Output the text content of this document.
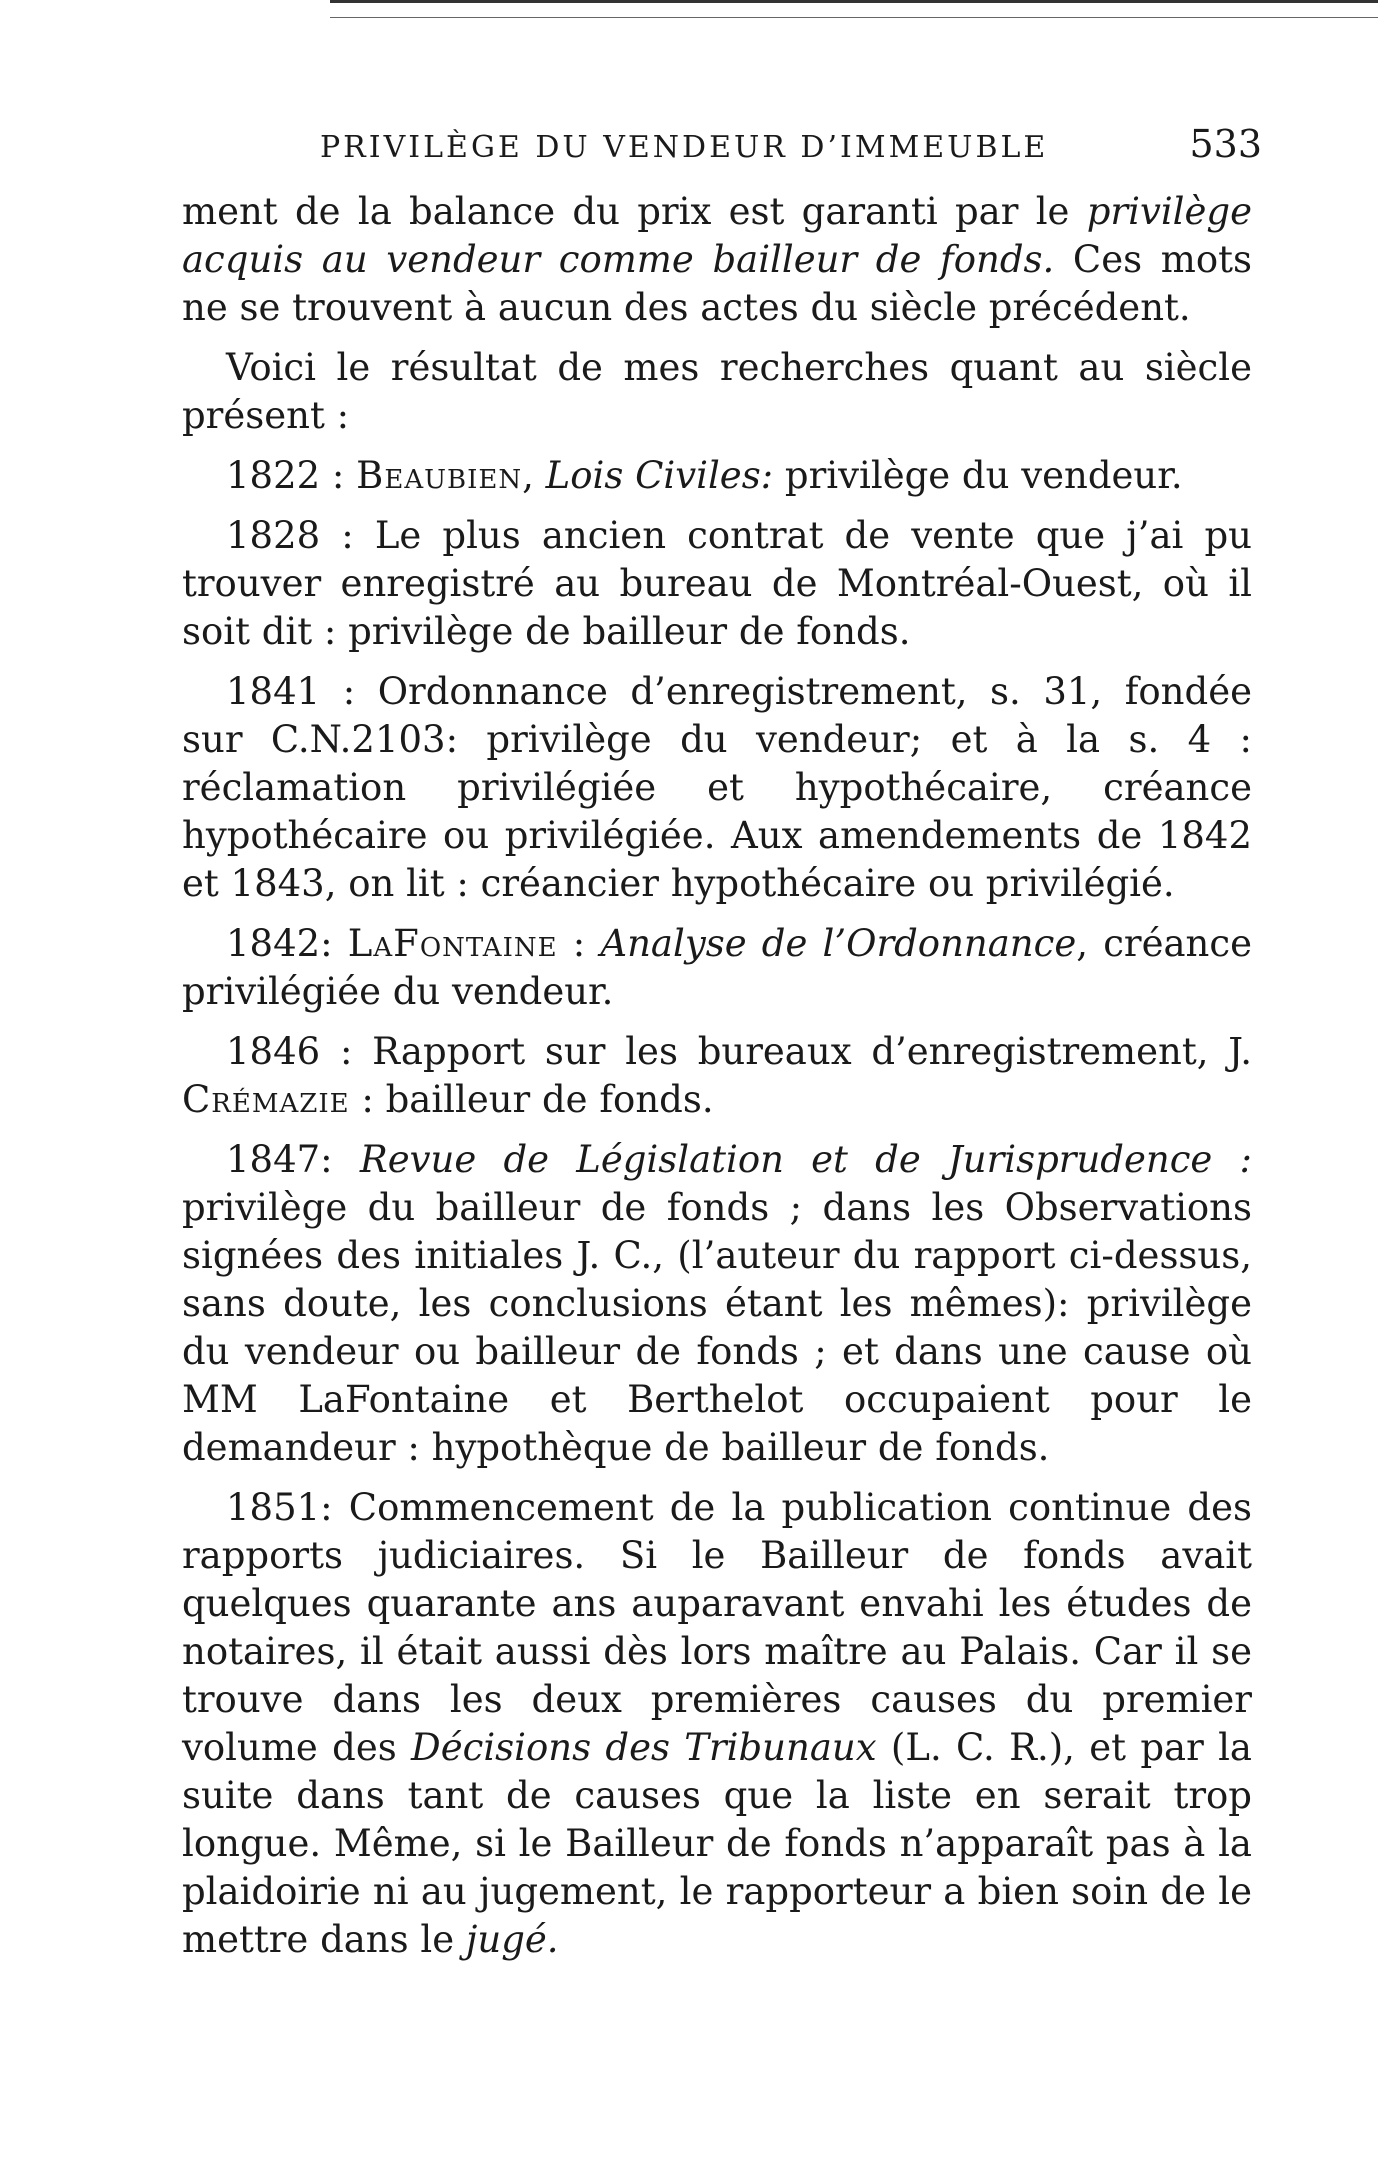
PRIVILÈGE DU VENDEUR D’IMMEUBLE	533

ment de la balance du prix est garanti par le privilège acquis au vendeur comme bailleur de fonds. Ces mots ne se trouvent à aucun des actes du siècle précédent.

Voici le résultat de mes recherches quant au siècle présent :

1822 : Beaubien, Lois Civiles: privilège du vendeur.

1828 : Le plus ancien contrat de vente que j’ai pu trouver enregistré au bureau de Montréal-Ouest, où il soit dit : privilège de bailleur de fonds.

1841 : Ordonnance d’enregistrement, s. 31, fondée sur C.N.2103: privilège du vendeur; et à la s. 4 : réclamation privilégiée et hypothécaire, créance hypothécaire ou privilégiée. Aux amendements de 1842 et 1843, on lit : créancier hypothécaire ou privilégié.

1842: LaFontaine : Analyse de l’Ordonnance, créance privilégiée du vendeur.

1846 : Rapport sur les bureaux d’enregistrement, J. Crémazie : bailleur de fonds.

1847: Revue de Législation et de Jurisprudence : privilège du bailleur de fonds ; dans les Observations signées des initiales J. C., (l’auteur du rapport ci-dessus, sans doute, les conclusions étant les mêmes): privilège du vendeur ou bailleur de fonds ; et dans une cause où MM LaFontaine et Berthelot occupaient pour le demandeur : hypothèque de bailleur de fonds.

1851: Commencement de la publication continue des rapports judiciaires. Si le Bailleur de fonds avait quelques quarante ans auparavant envahi les études de notaires, il était aussi dès lors maître au Palais. Car il se trouve dans les deux premières causes du premier volume des Décisions des Tribunaux (L. C. R.), et par la suite dans tant de causes que la liste en serait trop longue. Même, si le Bailleur de fonds n’apparaît pas à la plaidoirie ni au jugement, le rapporteur a bien soin de le mettre dans le jugé.
